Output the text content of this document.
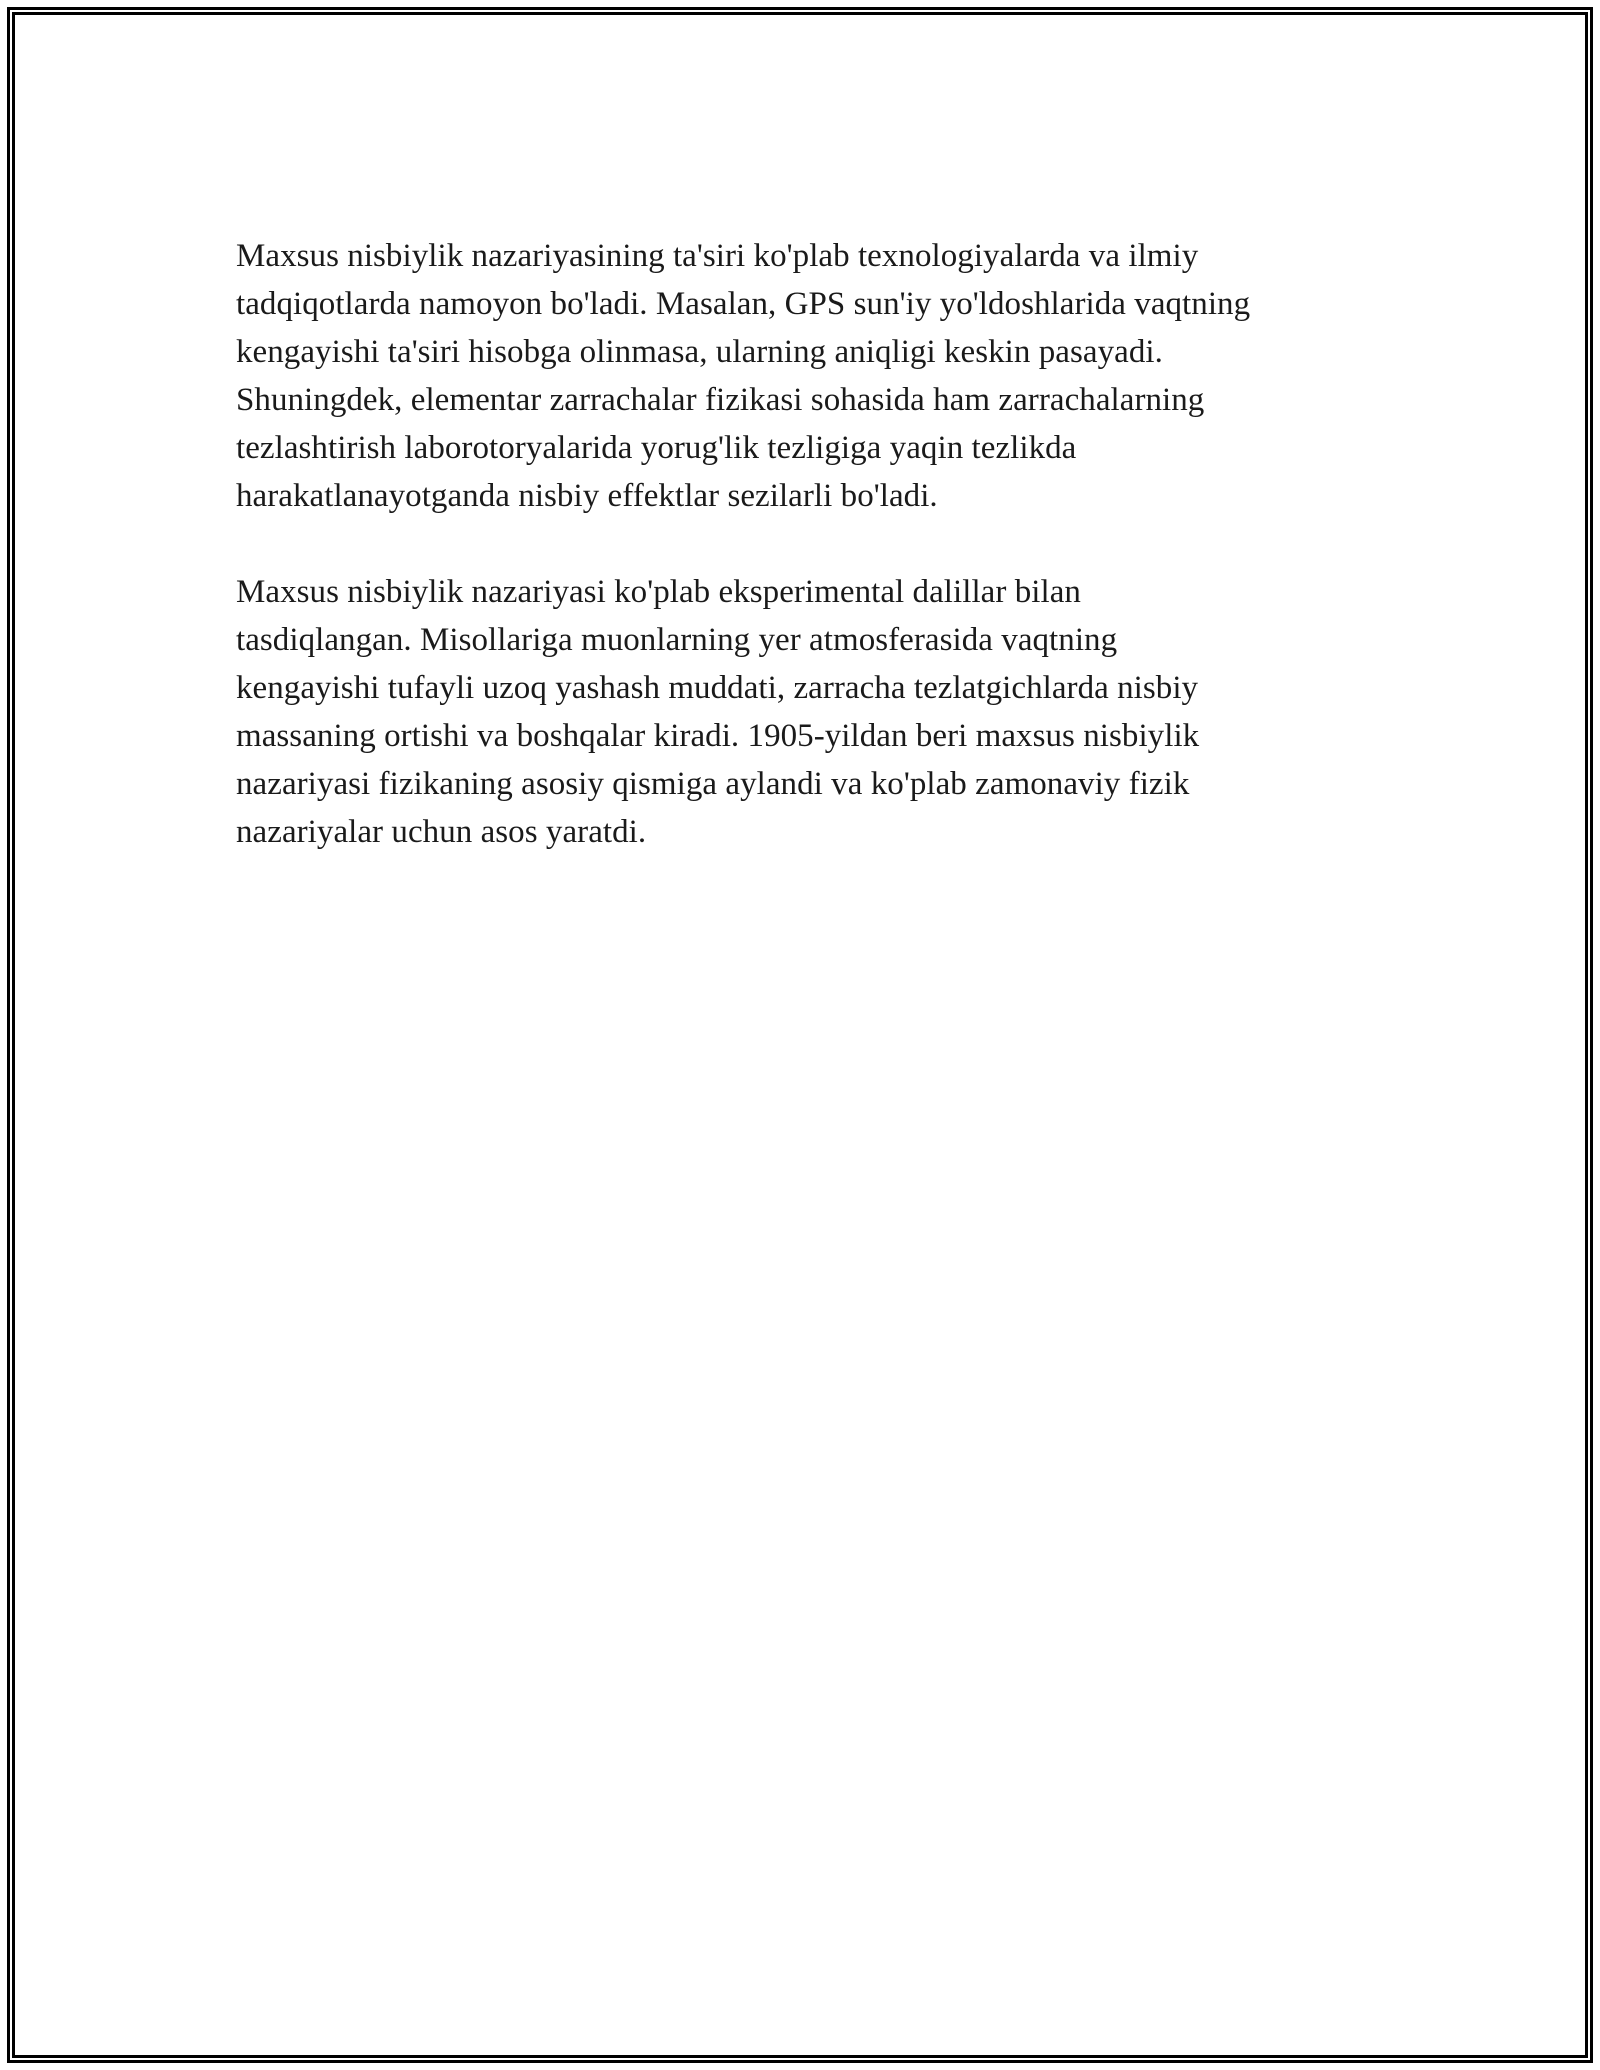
Maxsus nisbiylik nazariyasining ta'siri ko'plab texnologiyalarda va ilmiy
tadqiqotlarda namoyon bo'ladi. Masalan, GPS sun'iy yo'ldoshlarida vaqtning
kengayishi ta'siri hisobga olinmasa, ularning aniqligi keskin pasayadi.
Shuningdek, elementar zarrachalar fizikasi sohasida ham zarrachalarning
tezlashtirish laborotoryalarida yorug'lik tezligiga yaqin tezlikda
harakatlanayotganda nisbiy effektlar sezilarli bo'ladi.

Maxsus nisbiylik nazariyasi ko'plab eksperimental dalillar bilan
tasdiqlangan. Misollariga muonlarning yer atmosferasida vaqtning
kengayishi tufayli uzoq yashash muddati, zarracha tezlatgichlarda nisbiy
massaning ortishi va boshqalar kiradi. 1905-yildan beri maxsus nisbiylik
nazariyasi fizikaning asosiy qismiga aylandi va ko'plab zamonaviy fizik
nazariyalar uchun asos yaratdi.
